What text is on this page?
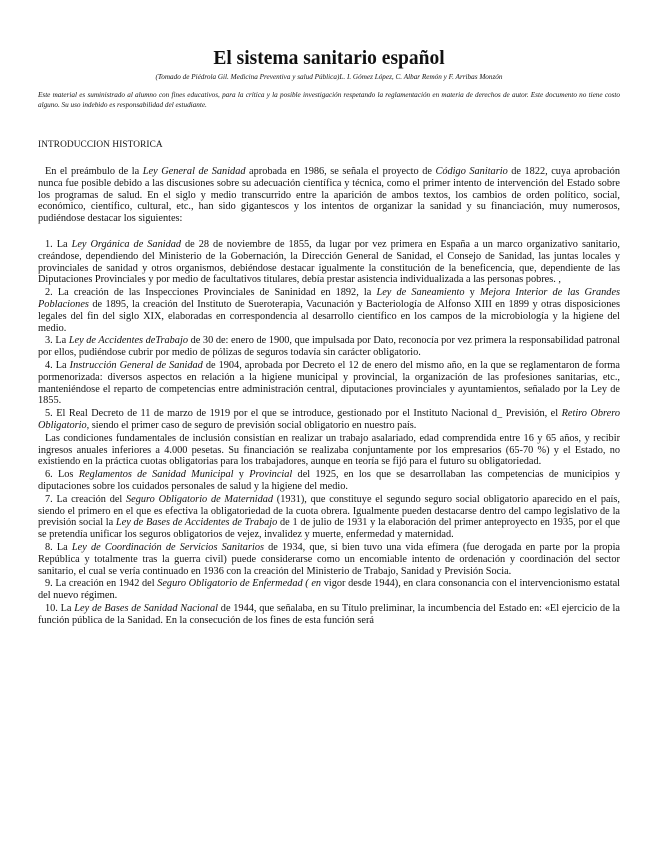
El sistema sanitario español
(Tomado de Piédrola Gil. Medicina Preventiva y salud Pública)L. I. Gómez López, C. Albar Remón y F. Arribas Monzón
Este material es suministrado al alumno con fines educativos, para la crítica y la posible investigación respetando la reglamentación en materia de derechos de autor. Este documento no tiene costo alguno. Su uso indebido es responsabilidad del estudiante.
INTRODUCCION HISTORICA

En el preámbulo de la Ley General de Sanidad aprobada en 1986, se señala el proyecto de Código Sanitario de 1822, cuya aprobación nunca fue posible debido a las discusiones sobre su adecuación científica y técnica, como el primer intento de intervención del Estado sobre los programas de salud. En el siglo y medio transcurrido entre la aparición de ambos textos, los cambios de orden político, social, económico, científico, cultural, etc., han sido gigantescos y los intentos de organizar la sanidad y su financiación, muy numerosos, pudiéndose destacar los siguientes:

1. La Ley Orgánica de Sanidad de 28 de noviembre de 1855, da lugar por vez primera en España a un marco organizativo sanitario, creándose, dependiendo del Ministerio de la Gobernación, la Dirección General de Sanidad, el Consejo de Sanidad, las juntas locales y provinciales de sanidad y otros organismos, debiéndose destacar igualmente la constitución de la beneficencia, que, dependiente de las Diputaciones Provinciales y por medio de facultativos titulares, debía prestar asistencia individualizada a las personas pobres. ,

2. La creación de las Inspecciones Provinciales de Saninidad en 1892, la Ley de Saneamiento y Mejora Interior de las Grandes Poblaciones de 1895, la creación del Instituto de Sueroterapia, Vacunación y Bacteriología de Alfonso XIII en 1899 y otras disposiciones legales del fin del siglo XIX, elaboradas en correspondencia al desarrollo científico en los campos de la microbiología y la higiene del medio.

3. La Ley de Accidentes deTrabajo de 30 de: enero de 1900, que impulsada por Dato, reconocía por vez primera la responsabilidad patronal por ellos, pudiéndose cubrir por medio de pólizas de seguros todavía sin carácter obligatorio.

4. La Instrucción General de Sanidad de 1904, aprobada por Decreto el 12 de enero del mismo año, en la que se reglamentaron de forma pormenorizada: diversos aspectos en relación a la higiene municipal y provincial, la organización de las profesiones sanitarias, etc., manteniéndose el reparto de competencias entre administración central, diputaciones provinciales y ayuntamientos, señalado por la Ley de 1855.

5. El Real Decreto de 11 de marzo de 1919 por el que se introduce, gestionado por el Instituto Nacional d_ Previsión, el Retiro Obrero Obligatorio, siendo el primer caso de seguro de previsión social obligatorio en nuestro país.

Las condiciones fundamentales de inclusión consistían en realizar un trabajo asalariado, edad comprendida entre 16 y 65 años, y recibir ingresos anuales inferiores a 4.000 pesetas. Su financiación se realizaba conjuntamente por los empresarios (65-70 %) y el Estado, no existiendo en la práctica cuotas obligatorias para los trabajadores, aunque en teoría se fijó para el futuro su obligatoriedad.

6. Los Reglamentos de Sanidad Municipal y Provincial del 1925, en los que se desarrollaban las competencias de municipios y diputaciones sobre los cuidados personales de salud y la higiene del medio.

7. La creación del Seguro Obligatorio de Maternidad (1931), que constituye el segundo seguro social obligatorio aparecido en el país, siendo el primero en el que es efectiva la obligatoriedad de la cuota obrera. Igualmente pueden destacarse dentro del campo legislativo de la previsión social la Ley de Bases de Accidentes de Trabajo de 1 de julio de 1931 y la elaboración del primer anteproyecto en 1935, por el que se pretendía unificar los seguros obligatorios de vejez, invalidez y muerte, enfermedad y maternidad.

8. La Ley de Coordinación de Servicios Sanitarios de 1934, que, si bien tuvo una vida efímera (fue derogada en parte por la propia República y totalmente tras la guerra civil) puede considerarse como un encomiable intento de ordenación y coordinación del sector sanitario, el cual se vería continuado en 1936 con la creación del Ministerio de Trabajo, Sanidad y Previsión Socia.

9. La creación en 1942 del Seguro Obligatorio de Enfermedad ( en vigor desde 1944), en clara consonancia con el intervencionismo estatal del nuevo régimen.

10. La Ley de Bases de Sanidad Nacional de 1944, que señalaba, en su Título preliminar, la incumbencia del Estado en: «El ejercicio de la función pública de la Sanidad. En la consecución de los fines de esta función será
